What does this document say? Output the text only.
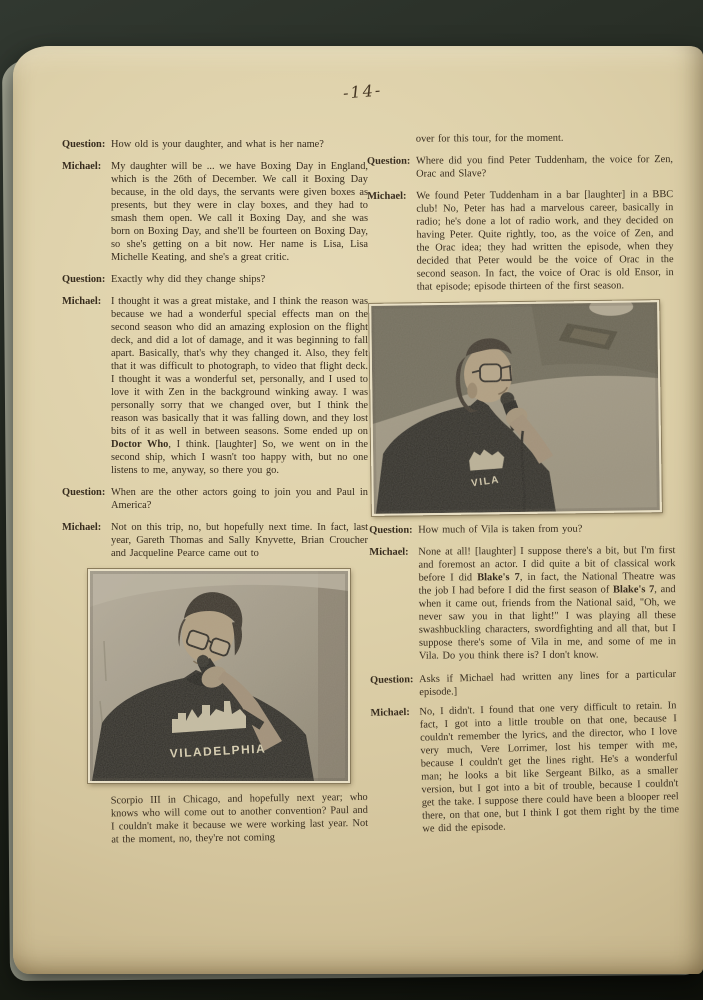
-14-
Question: How old is your daughter, and what is her name?
Michael: My daughter will be ... we have Boxing Day in England, which is the 26th of December. We call it Boxing Day because, in the old days, the servants were given boxes as presents, but they were in clay boxes, and they had to smash them open. We call it Boxing Day, and she was born on Boxing Day, and she'll be fourteen on Boxing Day, so she's getting on a bit now. Her name is Lisa, Lisa Michelle Keating, and she's a great critic.
Question: Exactly why did they change ships?
Michael: I thought it was a great mistake, and I think the reason was because we had a wonderful special effects man on the second season who did an amazing explosion on the flight deck, and did a lot of damage, and it was beginning to fall apart. Basically, that's why they changed it. Also, they felt that it was difficult to photograph, to video that flight deck. I thought it was a wonderful set, personally, and I used to love it with Zen in the background winking away. I was personally sorry that we changed over, but I think the reason was basically that it was falling down, and they lost bits of it as well in between seasons. Some ended up on Doctor Who, I think. [laughter] So, we went on in the second ship, which I wasn't too happy with, but no one listens to me, anyway, so there you go.
Question: When are the other actors going to join you and Paul in America?
Michael: Not on this trip, no, but hopefully next time. In fact, last year, Gareth Thomas and Sally Knyvette, Brian Croucher and Jacqueline Pearce came out to
VILADELPHIA
Scorpio III in Chicago, and hopefully next year; who knows who will come out to another convention? Paul and I couldn't make it because we were working last year. Not at the moment, no, they're not coming
over for this tour, for the moment.
Question: Where did you find Peter Tuddenham, the voice for Zen, Orac and Slave?
Michael: We found Peter Tuddenham in a bar [laughter] in a BBC club! No, Peter has had a marvelous career, basically in radio; he's done a lot of radio work, and they decided on having Peter. Quite rightly, too, as the voice of Zen, and the Orac idea; they had written the episode, when they decided that Peter would be the voice of Orac in the second season. In fact, the voice of Orac is old Ensor, in that episode; episode thirteen of the first season.
VILA
Question: How much of Vila is taken from you?
Michael: None at all! [laughter] I suppose there's a bit, but I'm first and foremost an actor. I did quite a bit of classical work before I did Blake's 7, in fact, the National Theatre was the job I had before I did the first season of Blake's 7, and when it came out, friends from the National said, "Oh, we never saw you in that light!" I was playing all these swashbuckling characters, swordfighting and all that, but I suppose there's some of Vila in me, and some of me in Vila. Do you think there is? I don't know.
Question: Asks if Michael had written any lines for a particular episode.]
Michael: No, I didn't. I found that one very difficult to retain. In fact, I got into a little trouble on that one, because I couldn't remember the lyrics, and the director, who I love very much, Vere Lorrimer, lost his temper with me, because I couldn't get the lines right. He's a wonderful man; he looks a bit like Sergeant Bilko, as a smaller version, but I got into a bit of trouble, because I couldn't get the take. I suppose there could have been a blooper reel there, on that one, but I think I got them right by the time we did the episode.
